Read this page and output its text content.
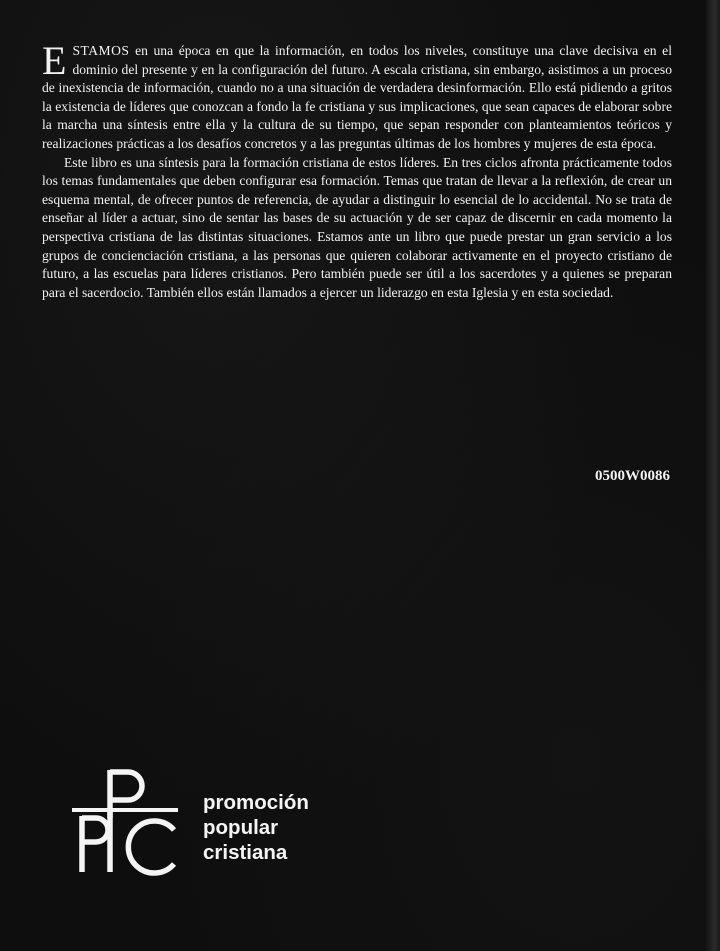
ESTAMOS en una época en que la información, en todos los niveles, constituye una clave decisiva en el dominio del presente y en la configuración del futuro. A escala cristiana, sin embargo, asistimos a un proceso de inexistencia de información, cuando no a una situación de verdadera desinformación. Ello está pidiendo a gritos la existencia de líderes que conozcan a fondo la fe cristiana y sus implicaciones, que sean capaces de elaborar sobre la marcha una síntesis entre ella y la cultura de su tiempo, que sepan responder con planteamientos teóricos y realizaciones prácticas a los desafíos concretos y a las preguntas últimas de los hombres y mujeres de esta época.

Este libro es una síntesis para la formación cristiana de estos líderes. En tres ciclos afronta prácticamente todos los temas fundamentales que deben configurar esa formación. Temas que tratan de llevar a la reflexión, de crear un esquema mental, de ofrecer puntos de referencia, de ayudar a distinguir lo esencial de lo accidental. No se trata de enseñar al líder a actuar, sino de sentar las bases de su actuación y de ser capaz de discernir en cada momento la perspectiva cristiana de las distintas situaciones. Estamos ante un libro que puede prestar un gran servicio a los grupos de concienciación cristiana, a las personas que quieren colaborar activamente en el proyecto cristiano de futuro, a las escuelas para líderes cristianos. Pero también puede ser útil a los sacerdotes y a quienes se preparan para el sacerdocio. También ellos están llamados a ejercer un liderazgo en esta Iglesia y en esta sociedad.

0500W0086
promoción
popular
cristiana
